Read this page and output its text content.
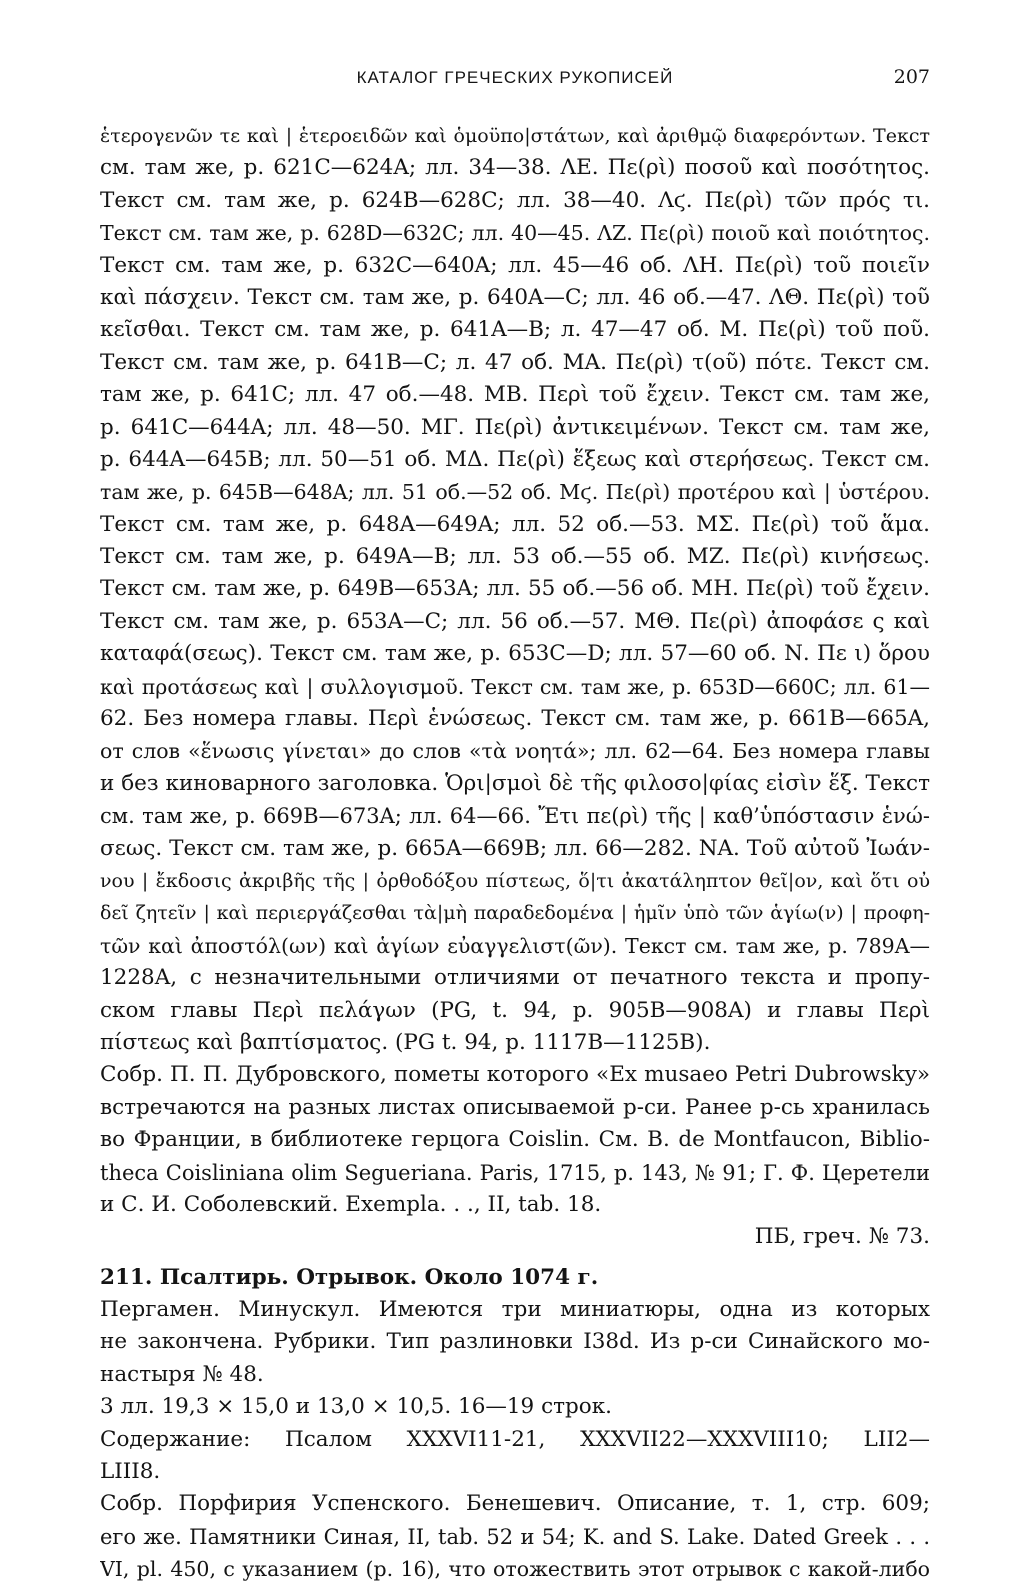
КАТАЛОГ ГРЕЧЕСКИХ РУКОПИСЕЙ	207
ἑτερογενῶν τε καὶ | ἑτεροειδῶν καὶ ὁμοϋπο|στάτων, καὶ ἀριθμῷ διαφερόντων. Текст
см. там же, р. 621C—624A; лл. 34—38. ΛΕ. Πε(ρὶ) ποσοῦ καὶ ποσότητος.
Текст см. там же, р. 624B—628C; лл. 38—40. Λϛ. Πε(ρὶ) τῶν πρός τι.
Текст см. там же, р. 628D—632C; лл. 40—45. ΛΖ. Πε(ρὶ) ποιοῦ καὶ ποιότητος.
Текст см. там же, р. 632C—640A; лл. 45—46 об. ΛΗ. Πε(ρὶ) τοῦ ποιεῖν
καὶ πάσχειν. Текст см. там же, р. 640A—C; лл. 46 об.—47. ΛΘ. Πε(ρὶ) τοῦ
κεῖσθαι. Текст см. там же, р. 641A—B; л. 47—47 об. Μ. Πε(ρὶ) τοῦ ποῦ.
Текст см. там же, р. 641B—C; л. 47 об. ΜΑ. Πε(ρὶ) τ(οῦ) πότε. Текст см.
там же, р. 641C; лл. 47 об.—48. ΜΒ. Περὶ τοῦ ἔχειν. Текст см. там же,
р. 641C—644A; лл. 48—50. ΜΓ. Πε(ρὶ) ἀντικειμένων. Текст см. там же,
р. 644A—645B; лл. 50—51 об. ΜΔ. Πε(ρὶ) ἕξεως καὶ στερήσεως. Текст см.
там же, р. 645B—648A; лл. 51 об.—52 об. Μϛ. Πε(ρὶ) προτέρου καὶ | ὑστέρου.
Текст см. там же, р. 648A—649A; лл. 52 об.—53. ΜΣ. Πε(ρὶ) τοῦ ἅμα.
Текст см. там же, р. 649A—B; лл. 53 об.—55 об. ΜΖ. Πε(ρὶ) κινήσεως.
Текст см. там же, р. 649B—653A; лл. 55 об.—56 об. ΜΗ. Πε(ρὶ) τοῦ ἔχειν.
Текст см. там же, р. 653A—C; лл. 56 об.—57. ΜΘ. Πε(ρὶ) ἀποφάσε ς καὶ
καταφά(σεως). Текст см. там же, р. 653C—D; лл. 57—60 об. Ν. Πε ι) ὅρου
καὶ προτάσεως καὶ | συλλογισμοῦ. Текст см. там же, р. 653D—660C; лл. 61—
62. Без номера главы. Περὶ ἑνώσεως. Текст см. там же, р. 661B—665A,
от слов «ἕνωσις γίνεται» до слов «τὰ νοητά»; лл. 62—64. Без номера главы
и без киноварного заголовка. Ὁρι|σμοὶ δὲ τῆς φιλοσο|φίας εἰσὶν ἕξ. Текст
см. там же, р. 669B—673A; лл. 64—66. Ἔτι πε(ρὶ) τῆς | καθ’ὑπόστασιν ἑνώ-
σεως. Текст см. там же, р. 665A—669B; лл. 66—282. ΝΑ. Τοῦ αὐτοῦ Ἰωάν-
νου | ἔκδοσις ἀκριβῆς τῆς | ὀρθοδόξου πίστεως, ὅ|τι ἀκατάληπτον θεῖ|ον, καὶ ὅτι οὐ
δεῖ ζητεῖν | καὶ περιεργάζεσθαι τὰ|μὴ παραδεδομένα | ἡμῖν ὑπὸ τῶν ἁγίω(ν) | προφη-
τῶν καὶ ἀποστόλ(ων) καὶ ἁγίων εὐαγγελιστ(ῶν). Текст см. там же, р. 789A—
1228A, с незначительными отличиями от печатного текста и пропу-
ском главы Περὶ πελάγων (PG, t. 94, p. 905B—908A) и главы Περὶ
πίστεως καὶ βαπτίσματος. (PG t. 94, p. 1117B—1125B).
Собр. П. П. Дубровского, пометы которого «Ex musaeo Petri Dubrowsky»
встречаются на разных листах описываемой р-си. Ранее р-сь хранилась
во Франции, в библиотеке герцога Coislin. См. B. de Montfaucon, Biblio-
theca Coisliniana olim Segueriana. Paris, 1715, p. 143, № 91; Г. Ф. Церетели
и С. И. Соболевский. Exempla. . ., II, tab. 18.
ПБ, греч. № 73.
211. Псалтирь. Отрывок. Около 1074 г.
Пергамен. Минускул. Имеются три миниатюры, одна из которых
не закончена. Рубрики. Тип разлиновки I38d. Из р-си Синайского мо-
настыря № 48.
3 лл. 19,3 × 15,0 и 13,0 × 10,5. 16—19 строк.
Содержание: Псалом XXXVI11-21, XXXVII22—XXXVIII10; LII2—
LIII8.
Собр. Порфирия Успенского. Бенешевич. Описание, т. 1, стр. 609;
его же. Памятники Синая, II, tab. 52 и 54; K. and S. Lake. Dated Greek . . .
VI, pl. 450, с указанием (р. 16), что отожествить этот отрывок с какой-либо
